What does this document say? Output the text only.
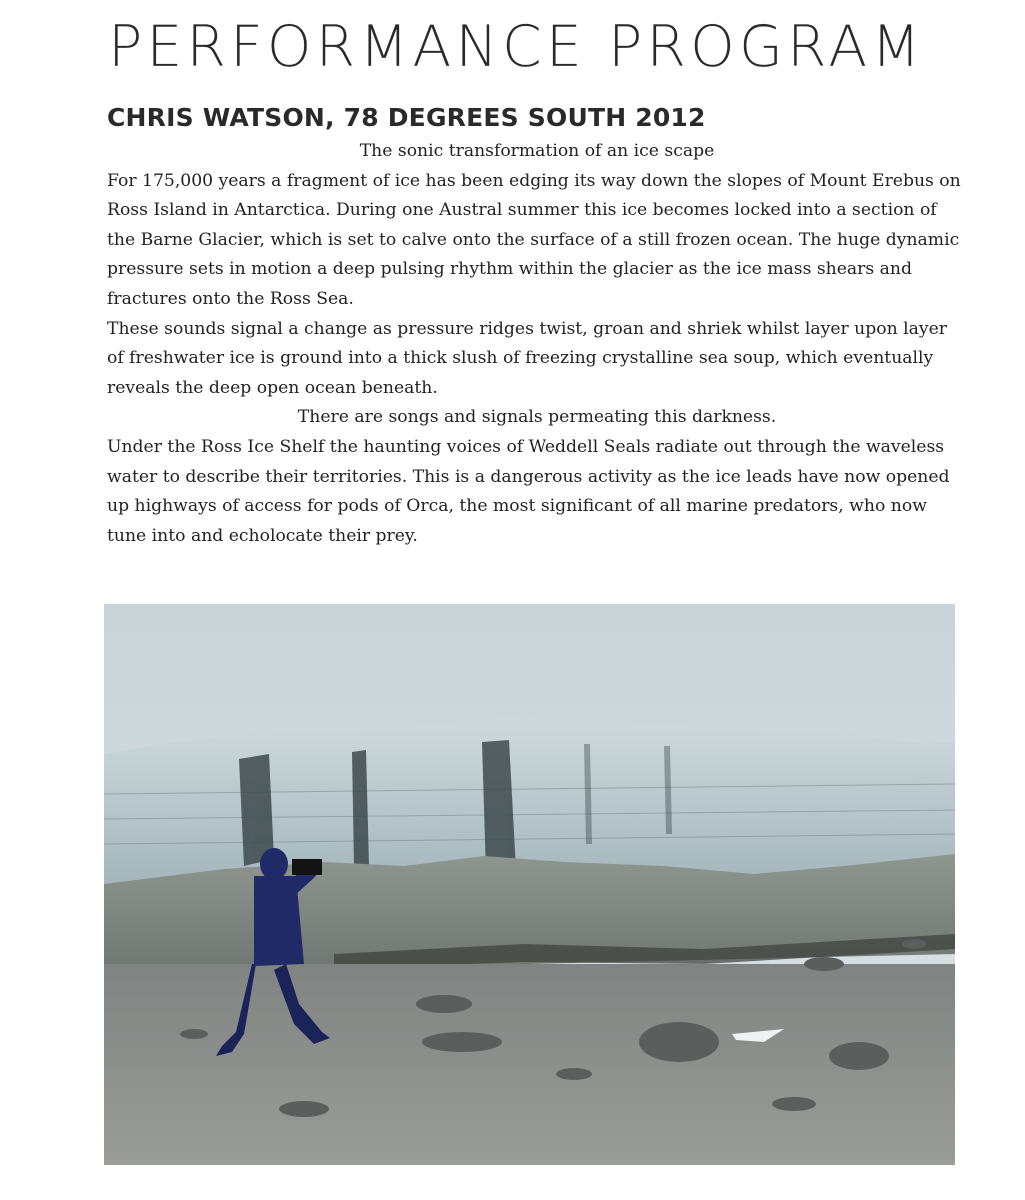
PERFORMANCE PROGRAM
CHRIS WATSON, 78 DEGREES SOUTH 2012

The sonic transformation of an ice scape

For 175,000 years a fragment of ice has been edging its way down the slopes of Mount Erebus on Ross Island in Antarctica. During one Austral summer this ice becomes locked into a section of the Barne Glacier, which is set to calve onto the surface of a still frozen ocean. The huge dynamic pressure sets in motion a deep pulsing rhythm within the glacier as the ice mass shears and fractures onto the Ross Sea.

These sounds signal a change as pressure ridges twist, groan and shriek whilst layer upon layer of freshwater ice is ground into a thick slush of freezing crystalline sea soup, which eventually reveals the deep open ocean beneath.

There are songs and signals permeating this darkness.

Under the Ross Ice Shelf the haunting voices of Weddell Seals radiate out through the waveless water to describe their territories. This is a dangerous activity as the ice leads have now opened up highways of access for pods of Orca, the most significant of all marine predators, who now tune into and echolocate their prey.
